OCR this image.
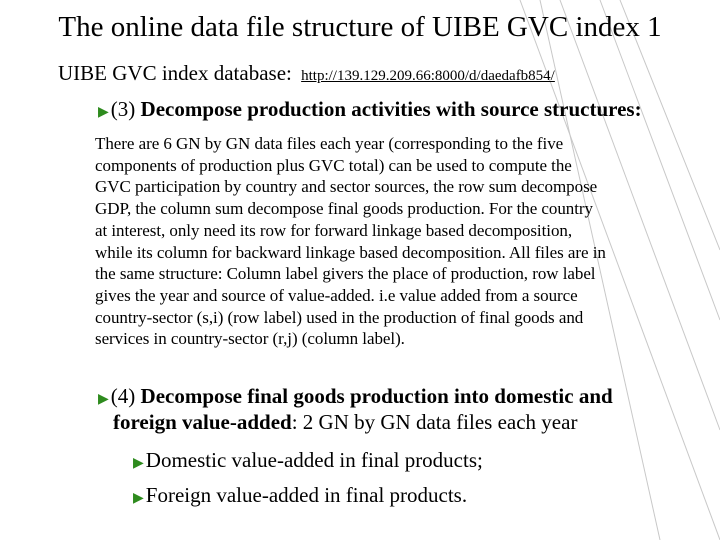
The online data file structure of UIBE GVC index 1
UIBE GVC index database: http://139.129.209.66:8000/d/daedafb854/
▶(3) Decompose production activities with source structures:
There are 6 GN by GN data files each year (corresponding to the five
components of production plus GVC total) can be used to compute the
GVC participation by country and sector sources, the row sum decompose
GDP, the column sum decompose final goods production. For the country
at interest, only need its row for forward linkage based decomposition,
while its column for backward linkage based decomposition. All files are in
the same structure: Column label givers the place of production, row label
gives the year and source of value-added. i.e value added from a source
country-sector (s,i) (row label) used in the production of final goods and
services in country-sector (r,j) (column label).
▶(4) Decompose final goods production into domestic and
foreign value-added: 2 GN by GN data files each year
▶Domestic value-added in final products;
▶Foreign value-added in final products.
